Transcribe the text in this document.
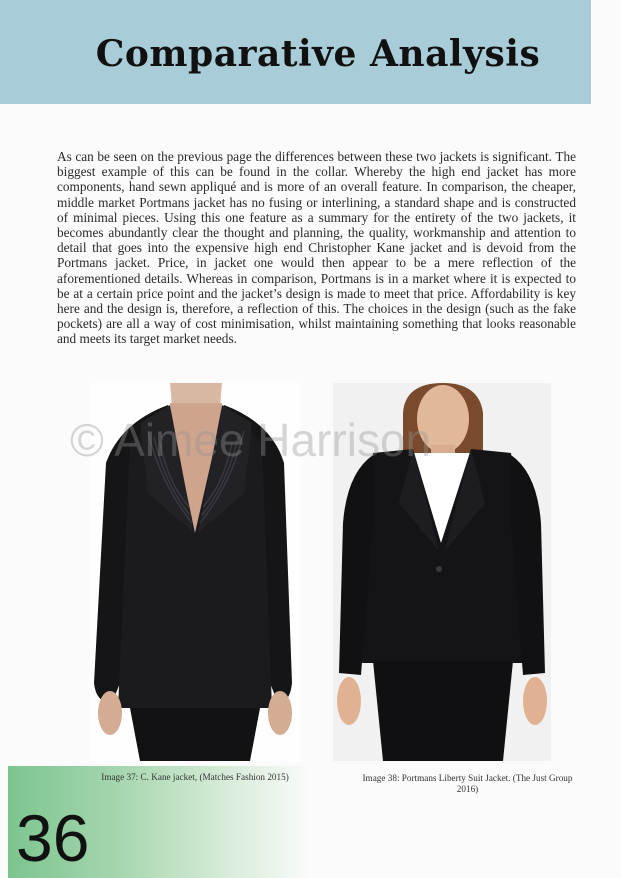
Comparative Analysis

As can be seen on the previous page the differences between these two jackets is significant. The biggest example of this can be found in the collar. Whereby the high end jacket has more components, hand sewn appliqué and is more of an overall feature. In comparison, the cheaper, middle market Portmans jacket has no fusing or interlining, a standard shape and is constructed of minimal pieces. Using this one feature as a summary for the entirety of the two jackets, it becomes abundantly clear the thought and planning, the quality, workmanship and attention to detail that goes into the expensive high end Christopher Kane jacket and is devoid from the Portmans jacket. Price, in jacket one would then appear to be a mere reflection of the aforementioned details. Whereas in comparison, Portmans is in a market where it is expected to be at a certain price point and the jacket’s design is made to meet that price. Affordability is key here and the design is, therefore, a reflection of this. The choices in the design (such as the fake pockets) are all a way of cost minimisation, whilst maintaining something that looks reasonable and meets its target market needs.

© Aimee Harrison
Image 37: C. Kane jacket, (Matches Fashion 2015)	Image 38: Portmans Liberty Suit Jacket. (The Just Group 2016)
36
